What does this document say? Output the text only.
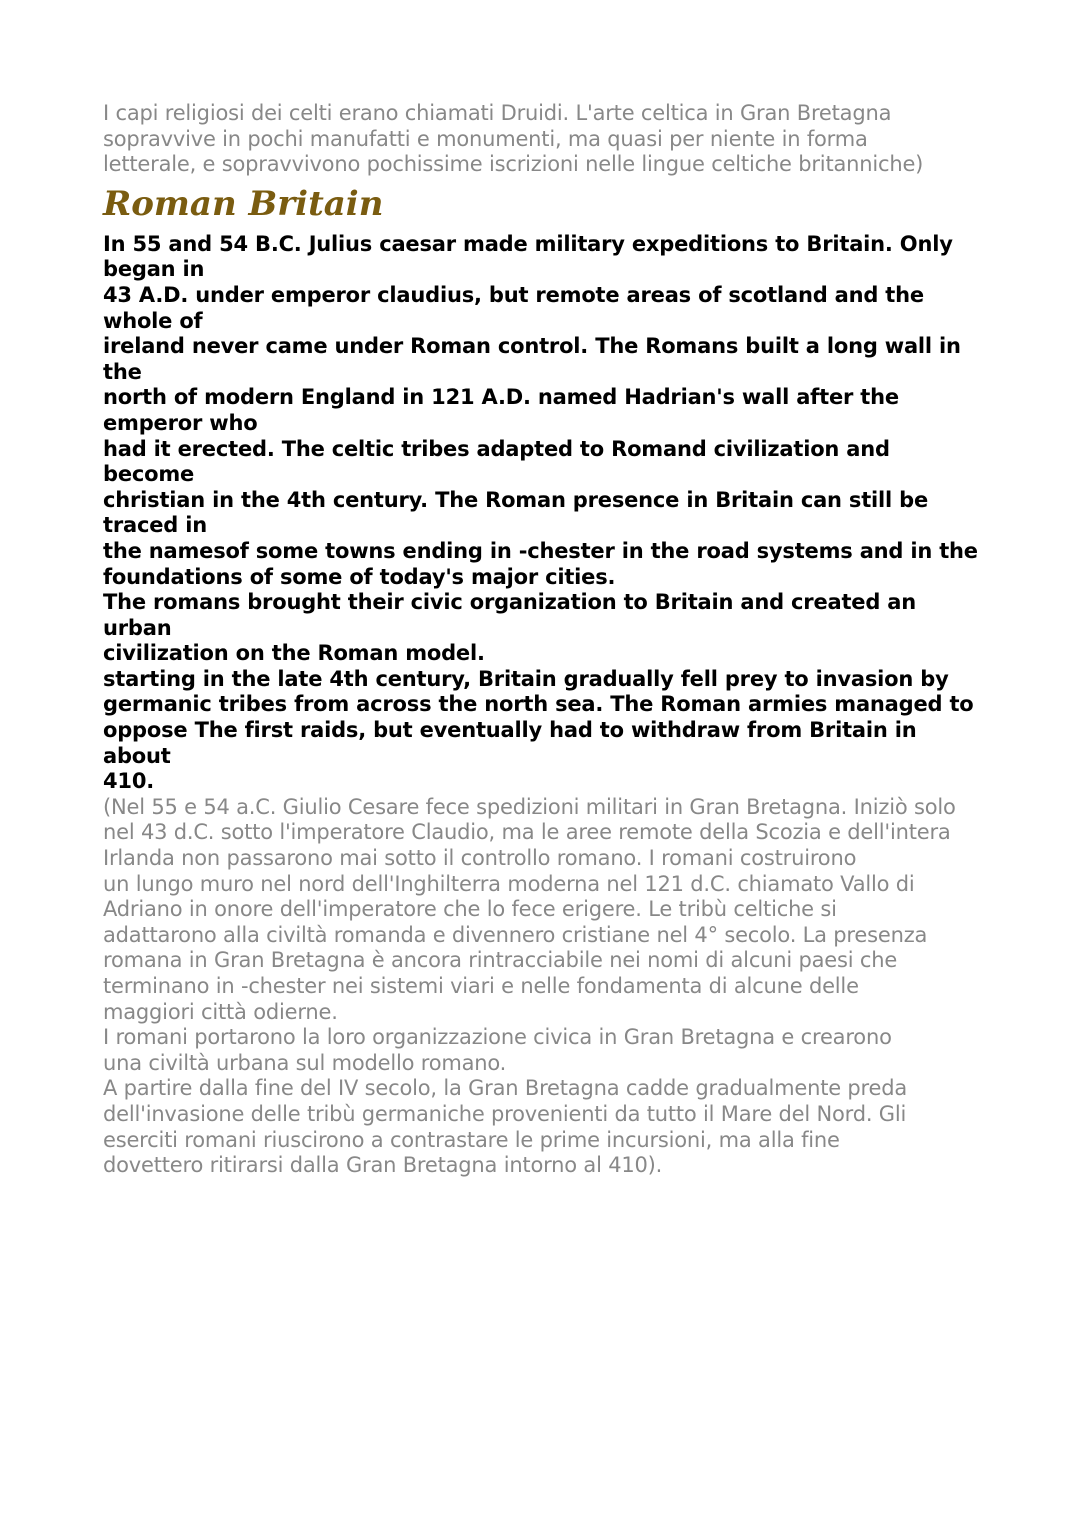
I capi religiosi dei celti erano chiamati Druidi. L'arte celtica in Gran Bretagna
sopravvive in pochi manufatti e monumenti, ma quasi per niente in forma
letterale, e sopravvivono pochissime iscrizioni nelle lingue celtiche britanniche)

Roman Britain

In 55 and 54 B.C. Julius caesar made military expeditions to Britain. Only began in
43 A.D. under emperor claudius, but remote areas of scotland and the whole of
ireland never came under Roman control. The Romans built a long wall in the
north of modern England in 121 A.D. named Hadrian's wall after the emperor who
had it erected. The celtic tribes adapted to Romand civilization and become
christian in the 4th century. The Roman presence in Britain can still be traced in
the namesof some towns ending in -chester in the road systems and in the
foundations of some of today's major cities.

The romans brought their civic organization to Britain and created an urban
civilization on the Roman model.

starting in the late 4th century, Britain gradually fell prey to invasion by
germanic tribes from across the north sea. The Roman armies managed to
oppose The first raids, but eventually had to withdraw from Britain in about
410.

(Nel 55 e 54 a.C. Giulio Cesare fece spedizioni militari in Gran Bretagna. Iniziò solo
nel 43 d.C. sotto l'imperatore Claudio, ma le aree remote della Scozia e dell'intera
Irlanda non passarono mai sotto il controllo romano. I romani costruirono
un lungo muro nel nord dell'Inghilterra moderna nel 121 d.C. chiamato Vallo di
Adriano in onore dell'imperatore che lo fece erigere. Le tribù celtiche si
adattarono alla civiltà romanda e divennero cristiane nel 4° secolo. La presenza
romana in Gran Bretagna è ancora rintracciabile nei nomi di alcuni paesi che
terminano in -chester nei sistemi viari e nelle fondamenta di alcune delle
maggiori città odierne.

I romani portarono la loro organizzazione civica in Gran Bretagna e crearono
una civiltà urbana sul modello romano.

A partire dalla fine del IV secolo, la Gran Bretagna cadde gradualmente preda
dell'invasione delle tribù germaniche provenienti da tutto il Mare del Nord. Gli
eserciti romani riuscirono a contrastare le prime incursioni, ma alla fine
dovettero ritirarsi dalla Gran Bretagna intorno al 410).
